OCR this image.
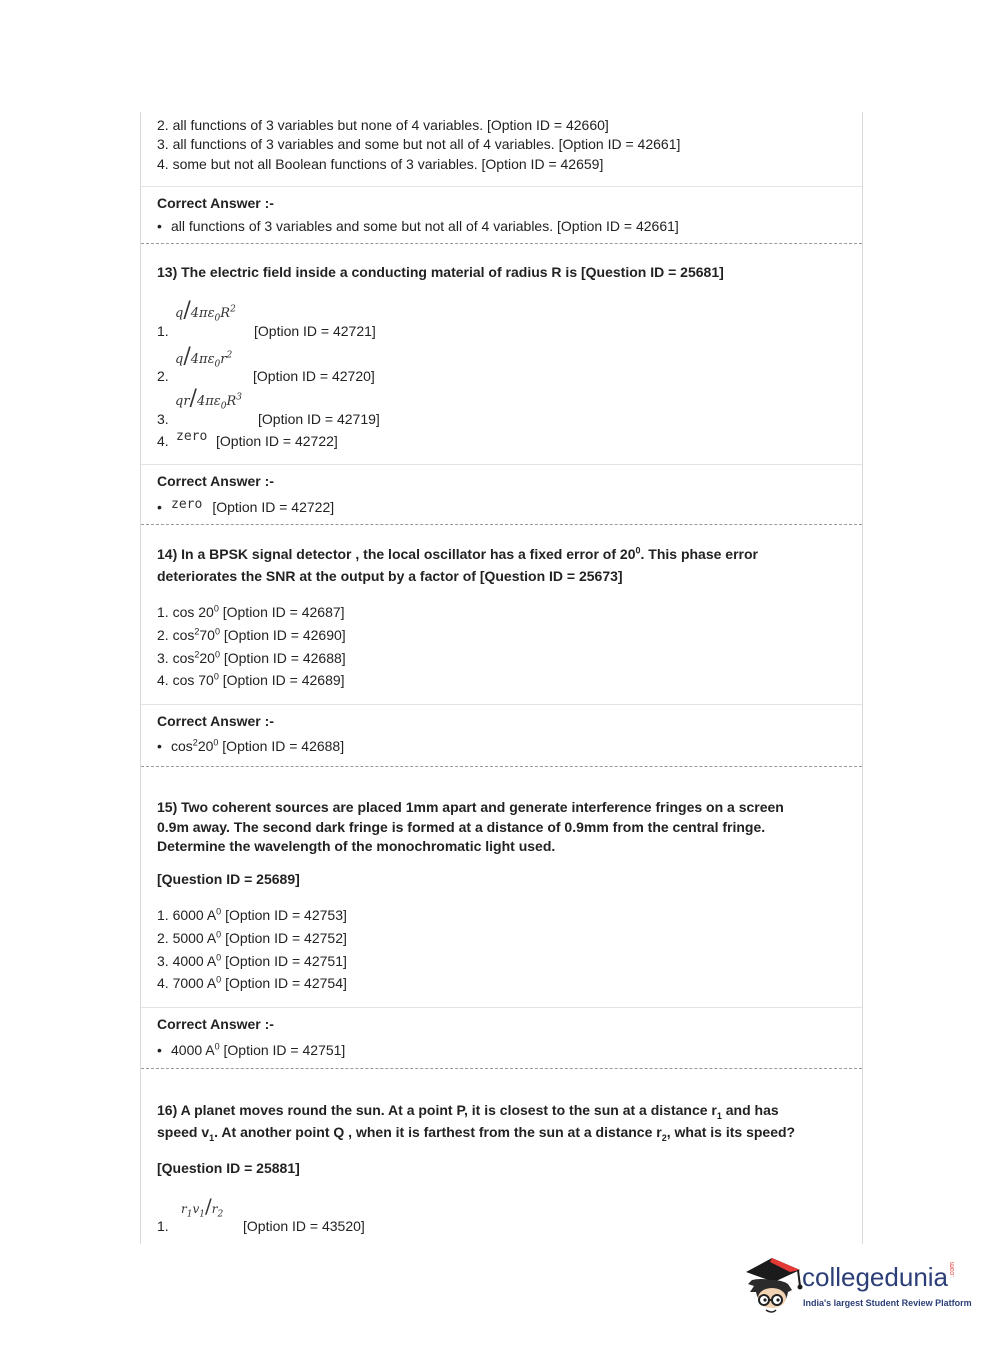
2. all functions of 3 variables but none of 4 variables. [Option ID = 42660]
3. all functions of 3 variables and some but not all of 4 variables. [Option ID = 42661]
4. some but not all Boolean functions of 3 variables. [Option ID = 42659]
Correct Answer :-
• all functions of 3 variables and some but not all of 4 variables. [Option ID = 42661]
13) The electric field inside a conducting material of radius R is [Question ID = 25681]
$q/4\pi\varepsilon_0R^2$
1.	[Option ID = 42721]
$q/4\pi\varepsilon_0r^2$
2.	[Option ID = 42720]
$qr/4\pi\varepsilon_0R^3$
3.	[Option ID = 42719]
4. zero [Option ID = 42722]
Correct Answer :-
• zero [Option ID = 42722]
14) In a BPSK signal detector , the local oscillator has a fixed error of $20^0$. This phase error
deteriorates the SNR at the output by a factor of [Question ID = 25673]
1. $\cos 20^0$ [Option ID = 42687]
2. $\cos^270^0$ [Option ID = 42690]
3. $\cos^220^0$ [Option ID = 42688]
4. $\cos 70^0$ [Option ID = 42689]
Correct Answer :-
• $\cos^220^0$ [Option ID = 42688]
15) Two coherent sources are placed 1mm apart and generate interference fringes on a screen
0.9m away. The second dark fringe is formed at a distance of 0.9mm from the central fringe.
Determine the wavelength of the monochromatic light used.
[Question ID = 25689]
1. 6000 $A^0$ [Option ID = 42753]
2. 5000 $A^0$ [Option ID = 42752]
3. 4000 $A^0$ [Option ID = 42751]
4. 7000 $A^0$ [Option ID = 42754]
Correct Answer :-
• 4000 $A^0$ [Option ID = 42751]
16) A planet moves round the sun. At a point P, it is closest to the sun at a distance $r_1$ and has
speed $v_1$. At another point Q , when it is farthest from the sun at a distance $r_2$, what is its speed?
[Question ID = 25881]
$r_1v_1/r_2$
1.	[Option ID = 43520]
collegedunia.com
India's largest Student Review Platform
